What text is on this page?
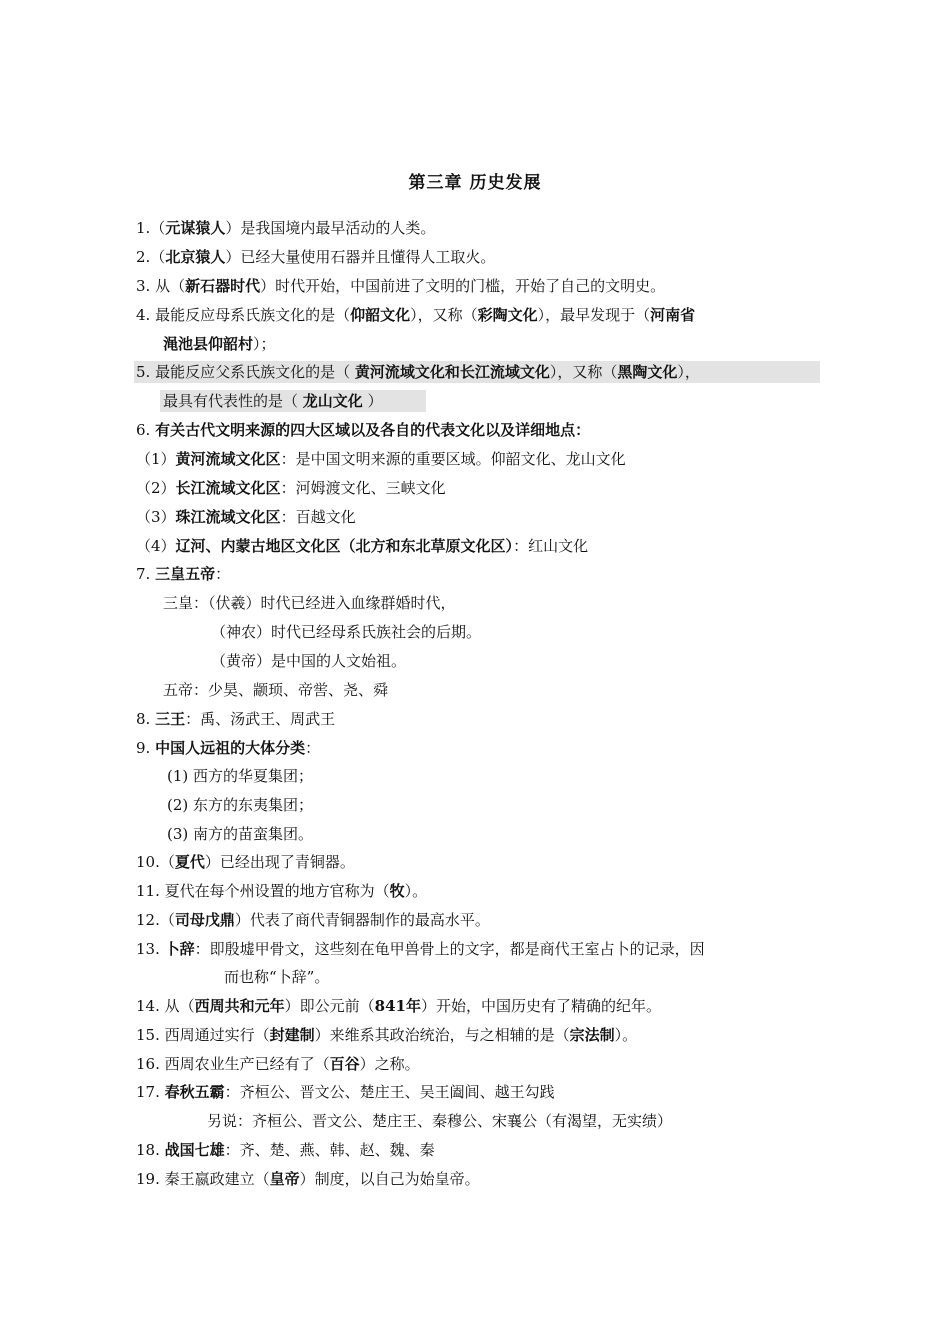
第三章 历史发展
1.（元谋猿人）是我国境内最早活动的人类。
2.（北京猿人）已经大量使用石器并且懂得人工取火。
3. 从（新石器时代）时代开始，中国前进了文明的门槛，开始了自己的文明史。
4. 最能反应母系氏族文化的是（仰韶文化），又称（彩陶文化），最早发现于（河南省
渑池县仰韶村）；
5. 最能反应父系氏族文化的是（ 黄河流域文化和长江流域文化），又称（黑陶文化），
最具有代表性的是（ 龙山文化 ）
6. 有关古代文明来源的四大区域以及各自的代表文化以及详细地点：
（1）黄河流域文化区：是中国文明来源的重要区域。仰韶文化、龙山文化
（2）长江流域文化区：河姆渡文化、三峡文化
（3）珠江流域文化区：百越文化
（4）辽河、内蒙古地区文化区（北方和东北草原文化区）：红山文化
7. 三皇五帝：
三皇：（伏羲）时代已经进入血缘群婚时代，
（神农）时代已经母系氏族社会的后期。
（黄帝）是中国的人文始祖。
五帝：少昊、颛顼、帝喾、尧、舜
8. 三王：禹、汤武王、周武王
9. 中国人远祖的大体分类：
(1) 西方的华夏集团；
(2) 东方的东夷集团；
(3) 南方的苗蛮集团。
10.（夏代）已经出现了青铜器。
11. 夏代在每个州设置的地方官称为（牧）。
12.（司母戊鼎）代表了商代青铜器制作的最高水平。
13. 卜辞：即殷墟甲骨文，这些刻在龟甲兽骨上的文字，都是商代王室占卜的记录，因
而也称“卜辞”。
14. 从（西周共和元年）即公元前（841年）开始，中国历史有了精确的纪年。
15. 西周通过实行（封建制）来维系其政治统治，与之相辅的是（宗法制）。
16. 西周农业生产已经有了（百谷）之称。
17. 春秋五霸：齐桓公、晋文公、楚庄王、吴王阖闾、越王勾践
另说：齐桓公、晋文公、楚庄王、秦穆公、宋襄公（有渴望，无实绩）
18. 战国七雄：齐、楚、燕、韩、赵、魏、秦
19. 秦王嬴政建立（皇帝）制度，以自己为始皇帝。
